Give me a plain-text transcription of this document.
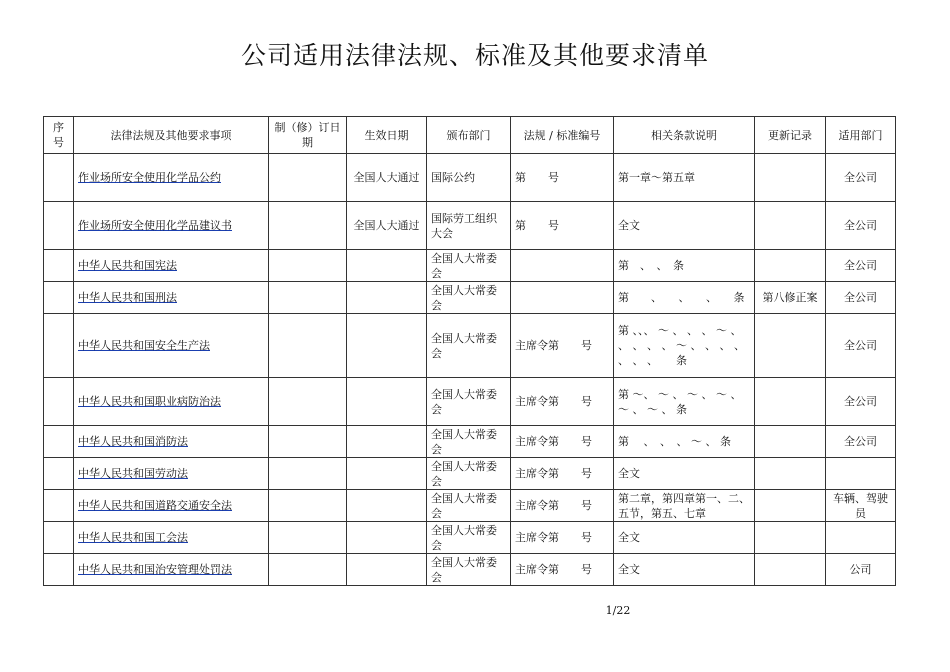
公司适用法律法规、标准及其他要求清单
序号	法律法规及其他要求事项	制（修）订日期	生效日期	颁布部门	法规 / 标准编号	相关条款说明	更新记录	适用部门
	作业场所安全使用化学品公约		全国人大通过	国际公约	第　　号	第一章～第五章		全公司
	作业场所安全使用化学品建议书		全国人大通过	国际劳工组织大会	第　　号	全文		全公司
	中华人民共和国宪法			全国人大常委会		第　、　、　条		全公司
	中华人民共和国刑法			全国人大常委会		第　　、　　、　　、　　条	第八修正案	全公司
	中华人民共和国安全生产法			全国人大常委会	主席令第　　号	第 、、、 ～ 、 、 、 ～ 、 、 、 、 、 ～ 、 、 、 、 、 、 、 　 条		全公司
	中华人民共和国职业病防治法			全国人大常委会	主席令第　　号	第 ～、 ～ 、 ～ 、 ～ 、 ～ 、 ～ 、 条		全公司
	中华人民共和国消防法			全国人大常委会	主席令第　　号	第　 、　、　、 ～ 、 条		全公司
	中华人民共和国劳动法			全国人大常委会	主席令第　　号	全文		
	中华人民共和国道路交通安全法			全国人大常委会	主席令第　　号	第二章，第四章第一、二、五节，第五、七章		车辆、驾驶员
	中华人民共和国工会法			全国人大常委会	主席令第　　号	全文		
	中华人民共和国治安管理处罚法			全国人大常委会	主席令第　　号	全文		公司
1/22
